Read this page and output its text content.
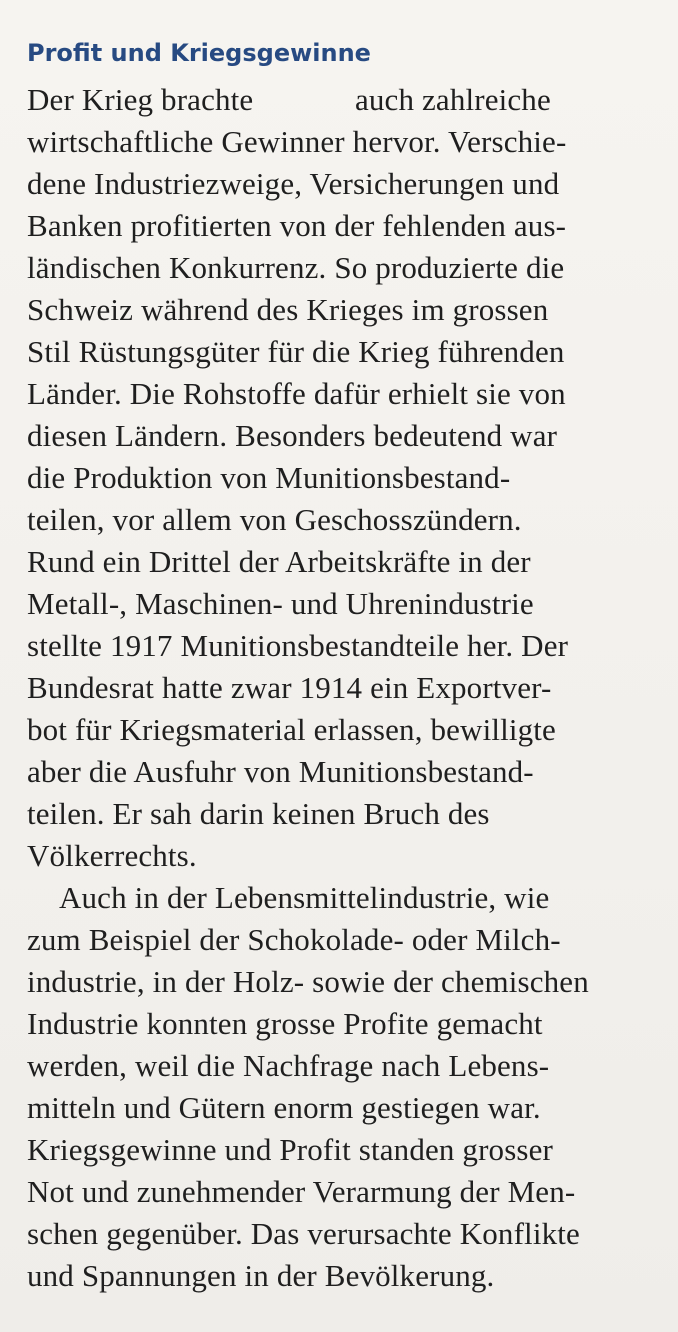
Profit und Kriegsgewinne
Der Krieg brachte	auch zahlreiche
wirtschaftliche Gewinner hervor. Verschie-
dene Industriezweige, Versicherungen und
Banken profitierten von der fehlenden aus-
ländischen Konkurrenz. So produzierte die
Schweiz während des Krieges im grossen
Stil Rüstungsgüter für die Krieg führenden
Länder. Die Rohstoffe dafür erhielt sie von
diesen Ländern. Besonders bedeutend war
die Produktion von Munitionsbestand-
teilen, vor allem von Geschosszündern.
Rund ein Drittel der Arbeitskräfte in der
Metall-, Maschinen- und Uhrenindustrie
stellte 1917 Munitionsbestandteile her. Der
Bundesrat hatte zwar 1914 ein Exportver-
bot für Kriegsmaterial erlassen, bewilligte
aber die Ausfuhr von Munitionsbestand-
teilen. Er sah darin keinen Bruch des
Völkerrechts.
Auch in der Lebensmittelindustrie, wie
zum Beispiel der Schokolade- oder Milch-
industrie, in der Holz- sowie der chemischen
Industrie konnten grosse Profite gemacht
werden, weil die Nachfrage nach Lebens-
mitteln und Gütern enorm gestiegen war.
Kriegsgewinne und Profit standen grosser
Not und zunehmender Verarmung der Men-
schen gegenüber. Das verursachte Konflikte
und Spannungen in der Bevölkerung.
